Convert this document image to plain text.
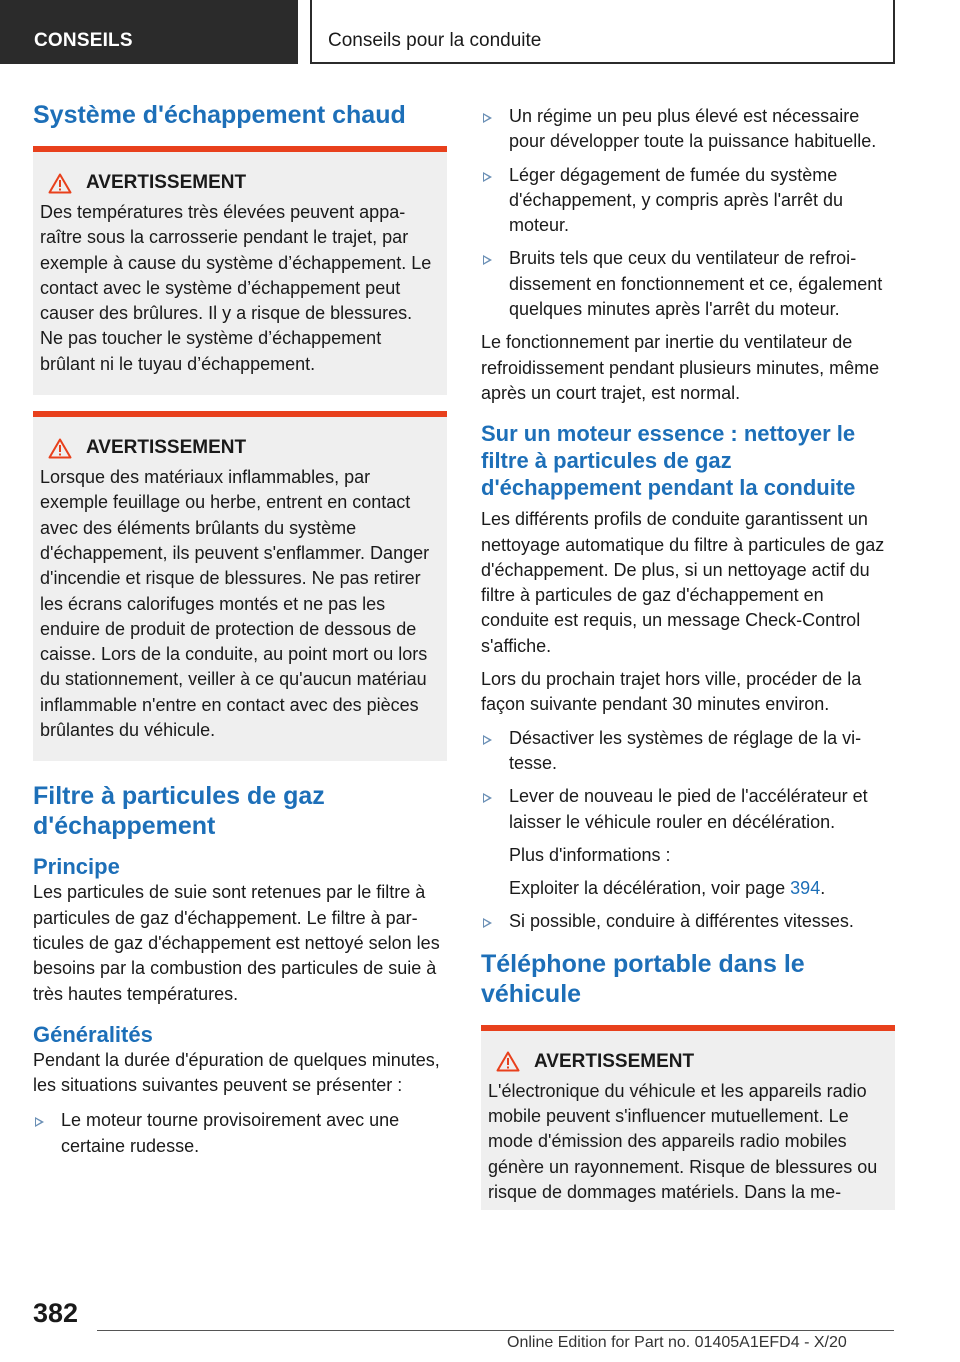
CONSEILS	Conseils pour la conduite
Système d'échappement chaud
AVERTISSEMENT

Des températures très élevées peuvent apparaître sous la carrosserie pendant le trajet, par exemple à cause du système d’échappement. Le contact avec le système d’échappement peut causer des brûlures. Il y a risque de blessures. Ne pas toucher le système d’échappement brûlant ni le tuyau d’échappement.

AVERTISSEMENT

Lorsque des matériaux inflammables, par exemple feuillage ou herbe, entrent en contact avec des éléments brûlants du système d'échappement, ils peuvent s'enflammer. Danger d'incendie et risque de blessures. Ne pas retirer les écrans calorifuges montés et ne pas les enduire de produit de protection de dessous de caisse. Lors de la conduite, au point mort ou lors du stationnement, veiller à ce qu'aucun matériau inflammable n'entre en contact avec des pièces brûlantes du véhicule.

Filtre à particules de gaz d'échappement
Principe

Les particules de suie sont retenues par le filtre à particules de gaz d'échappement. Le filtre à particules de gaz d'échappement est nettoyé selon les besoins par la combustion des particules de suie à très hautes températures.

Généralités

Pendant la durée d'épuration de quelques minutes, les situations suivantes peuvent se présenter :

Le moteur tourne provisoirement avec une certaine rudesse.
Un régime un peu plus élevé est nécessaire pour développer toute la puissance habituelle.
Léger dégagement de fumée du système d'échappement, y compris après l'arrêt du moteur.
Bruits tels que ceux du ventilateur de refroidissement en fonctionnement et ce, également quelques minutes après l'arrêt du moteur.

Le fonctionnement par inertie du ventilateur de refroidissement pendant plusieurs minutes, même après un court trajet, est normal.

Sur un moteur essence : nettoyer le filtre à particules de gaz d'échappement pendant la conduite

Les différents profils de conduite garantissent un nettoyage automatique du filtre à particules de gaz d'échappement. De plus, si un nettoyage actif du filtre à particules de gaz d'échappement en conduite est requis, un message Check-Control s'affiche.

Lors du prochain trajet hors ville, procéder de la façon suivante pendant 30 minutes environ.

Désactiver les systèmes de réglage de la vitesse.
Lever de nouveau le pied de l'accélérateur et laisser le véhicule rouler en décélération.

Plus d'informations :

Exploiter la décélération, voir page 394.

Si possible, conduire à différentes vitesses.
Téléphone portable dans le véhicule
AVERTISSEMENT

L'électronique du véhicule et les appareils radio mobile peuvent s'influencer mutuellement. Le mode d'émission des appareils radio mobiles génère un rayonnement. Risque de blessures ou risque de dommages matériels. Dans la me-

382
Online Edition for Part no. 01405A1EFD4 - X/20
